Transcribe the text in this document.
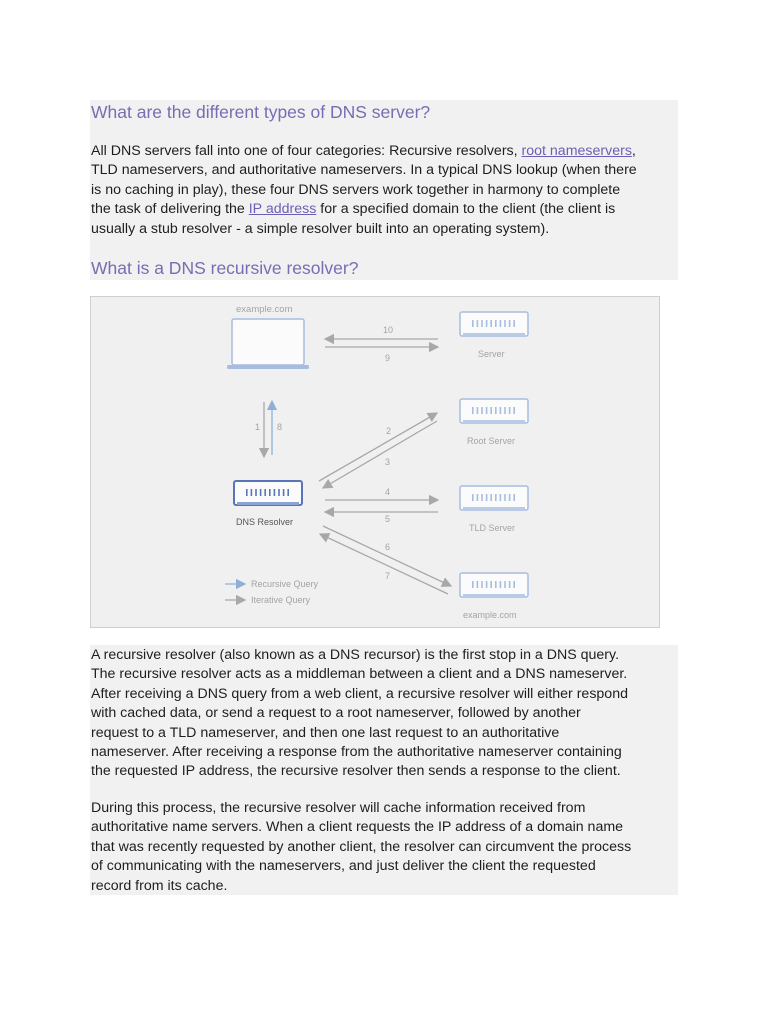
What are the different types of DNS server?

All DNS servers fall into one of four categories: Recursive resolvers, root nameservers,
TLD nameservers, and authoritative nameservers. In a typical DNS lookup (when there
is no caching in play), these four DNS servers work together in harmony to complete
the task of delivering the IP address for a specified domain to the client (the client is
usually a stub resolver - a simple resolver built into an operating system).

What is a DNS recursive resolver?
example.com
Server
Root Server
TLD Server
example.com
DNS Resolver
1 8
10
9
2
3
4
5
6
7
Recursive Query
Iterative Query

A recursive resolver (also known as a DNS recursor) is the first stop in a DNS query.
The recursive resolver acts as a middleman between a client and a DNS nameserver.
After receiving a DNS query from a web client, a recursive resolver will either respond
with cached data, or send a request to a root nameserver, followed by another
request to a TLD nameserver, and then one last request to an authoritative
nameserver. After receiving a response from the authoritative nameserver containing
the requested IP address, the recursive resolver then sends a response to the client.

During this process, the recursive resolver will cache information received from
authoritative name servers. When a client requests the IP address of a domain name
that was recently requested by another client, the resolver can circumvent the process
of communicating with the nameservers, and just deliver the client the requested
record from its cache.
